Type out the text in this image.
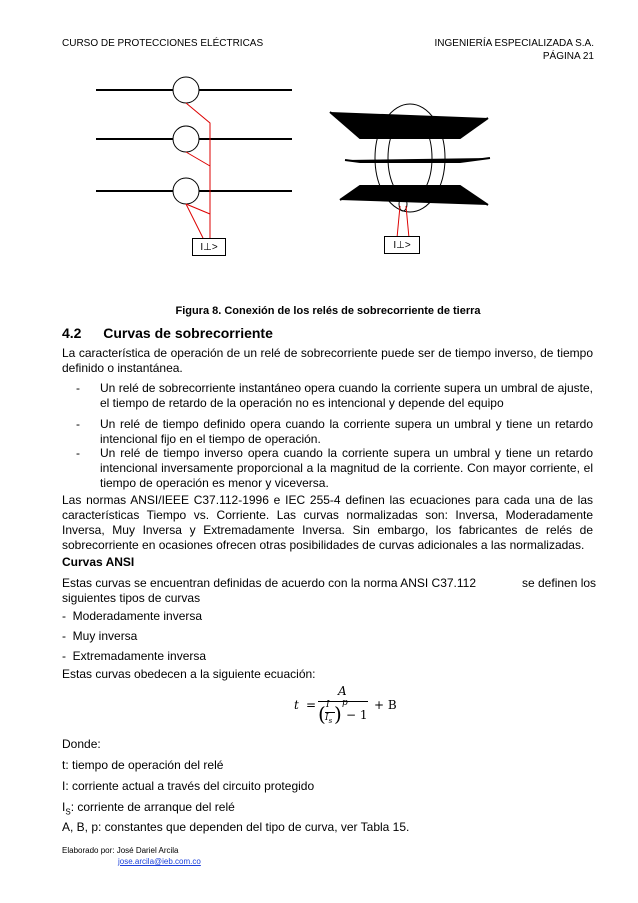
CURSO DE PROTECCIONES ELÉCTRICAS	INGENIERÍA ESPECIALIZADA S.A.
PÁGINA 21
I⊥>	I⊥>
Figura 8. Conexión de los relés de sobrecorriente de tierra
4.2 Curvas de sobrecorriente
La característica de operación de un relé de sobrecorriente puede ser de tiempo inverso, de tiempo definido o instantánea.
-	Un relé de sobrecorriente instantáneo opera cuando la corriente supera un umbral de ajuste, el tiempo de retardo de la operación no es intencional y depende del equipo
-	Un relé de tiempo definido opera cuando la corriente supera un umbral y tiene un retardo intencional fijo en el tiempo de operación.
-	Un relé de tiempo inverso opera cuando la corriente supera un umbral y tiene un retardo intencional inversamente proporcional a la magnitud de la corriente. Con mayor corriente, el tiempo de operación es menor y viceversa.
Las normas ANSI/IEEE C37.112-1996 e IEC 255-4 definen las ecuaciones para cada una de las características Tiempo vs. Corriente. Las curvas normalizadas son: Inversa, Moderadamente Inversa, Muy Inversa y Extremadamente Inversa. Sin embargo, los fabricantes de relés de sobrecorriente en ocasiones ofrecen otras posibilidades de curvas adicionales a las normalizadas.
Curvas ANSI
Estas curvas se encuentran definidas de acuerdo con la norma ANSI C37.112	se definen los
siguientes tipos de curvas
-  Moderadamente inversa
-  Muy inversa
-  Extremadamente inversa
Estas curvas obedecen a la siguiente ecuación:
t =
A
( I
$I_s$ ) p
− 1
+ B
Donde:
t: tiempo de operación del relé
I: corriente actual a través del circuito protegido
$I_S$: corriente de arranque del relé
A, B, p: constantes que dependen del tipo de curva, ver Tabla 15.
Elaborado por: José Dariel Arcila
jose.arcila@ieb.com.co
